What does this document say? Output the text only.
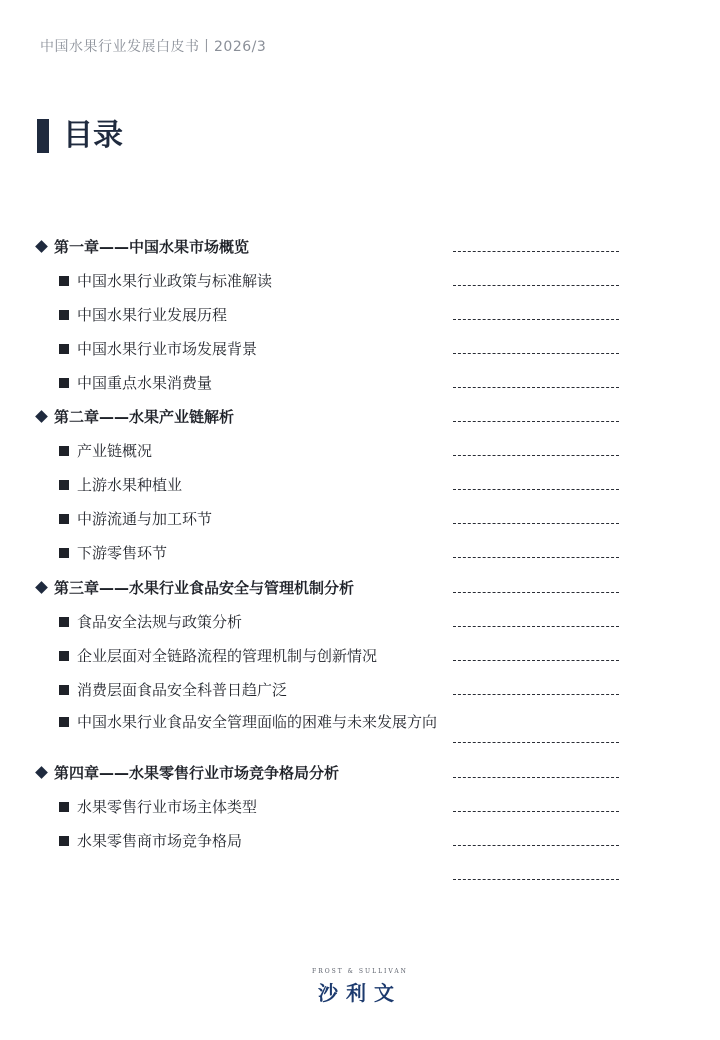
中国水果行业发展白皮书丨2026/3
目录
第一章——中国水果市场概览
中国水果行业政策与标准解读
中国水果行业发展历程
中国水果行业市场发展背景
中国重点水果消费量
第二章——水果产业链解析
产业链概况
上游水果种植业
中游流通与加工环节
下游零售环节
第三章——水果行业食品安全与管理机制分析
食品安全法规与政策分析
企业层面对全链路流程的管理机制与创新情况
消费层面食品安全科普日趋广泛
中国水果行业食品安全管理面临的困难与未来发展方向
第四章——水果零售行业市场竞争格局分析
水果零售行业市场主体类型
水果零售商市场竞争格局
FROST & SULLIVAN
沙利文
